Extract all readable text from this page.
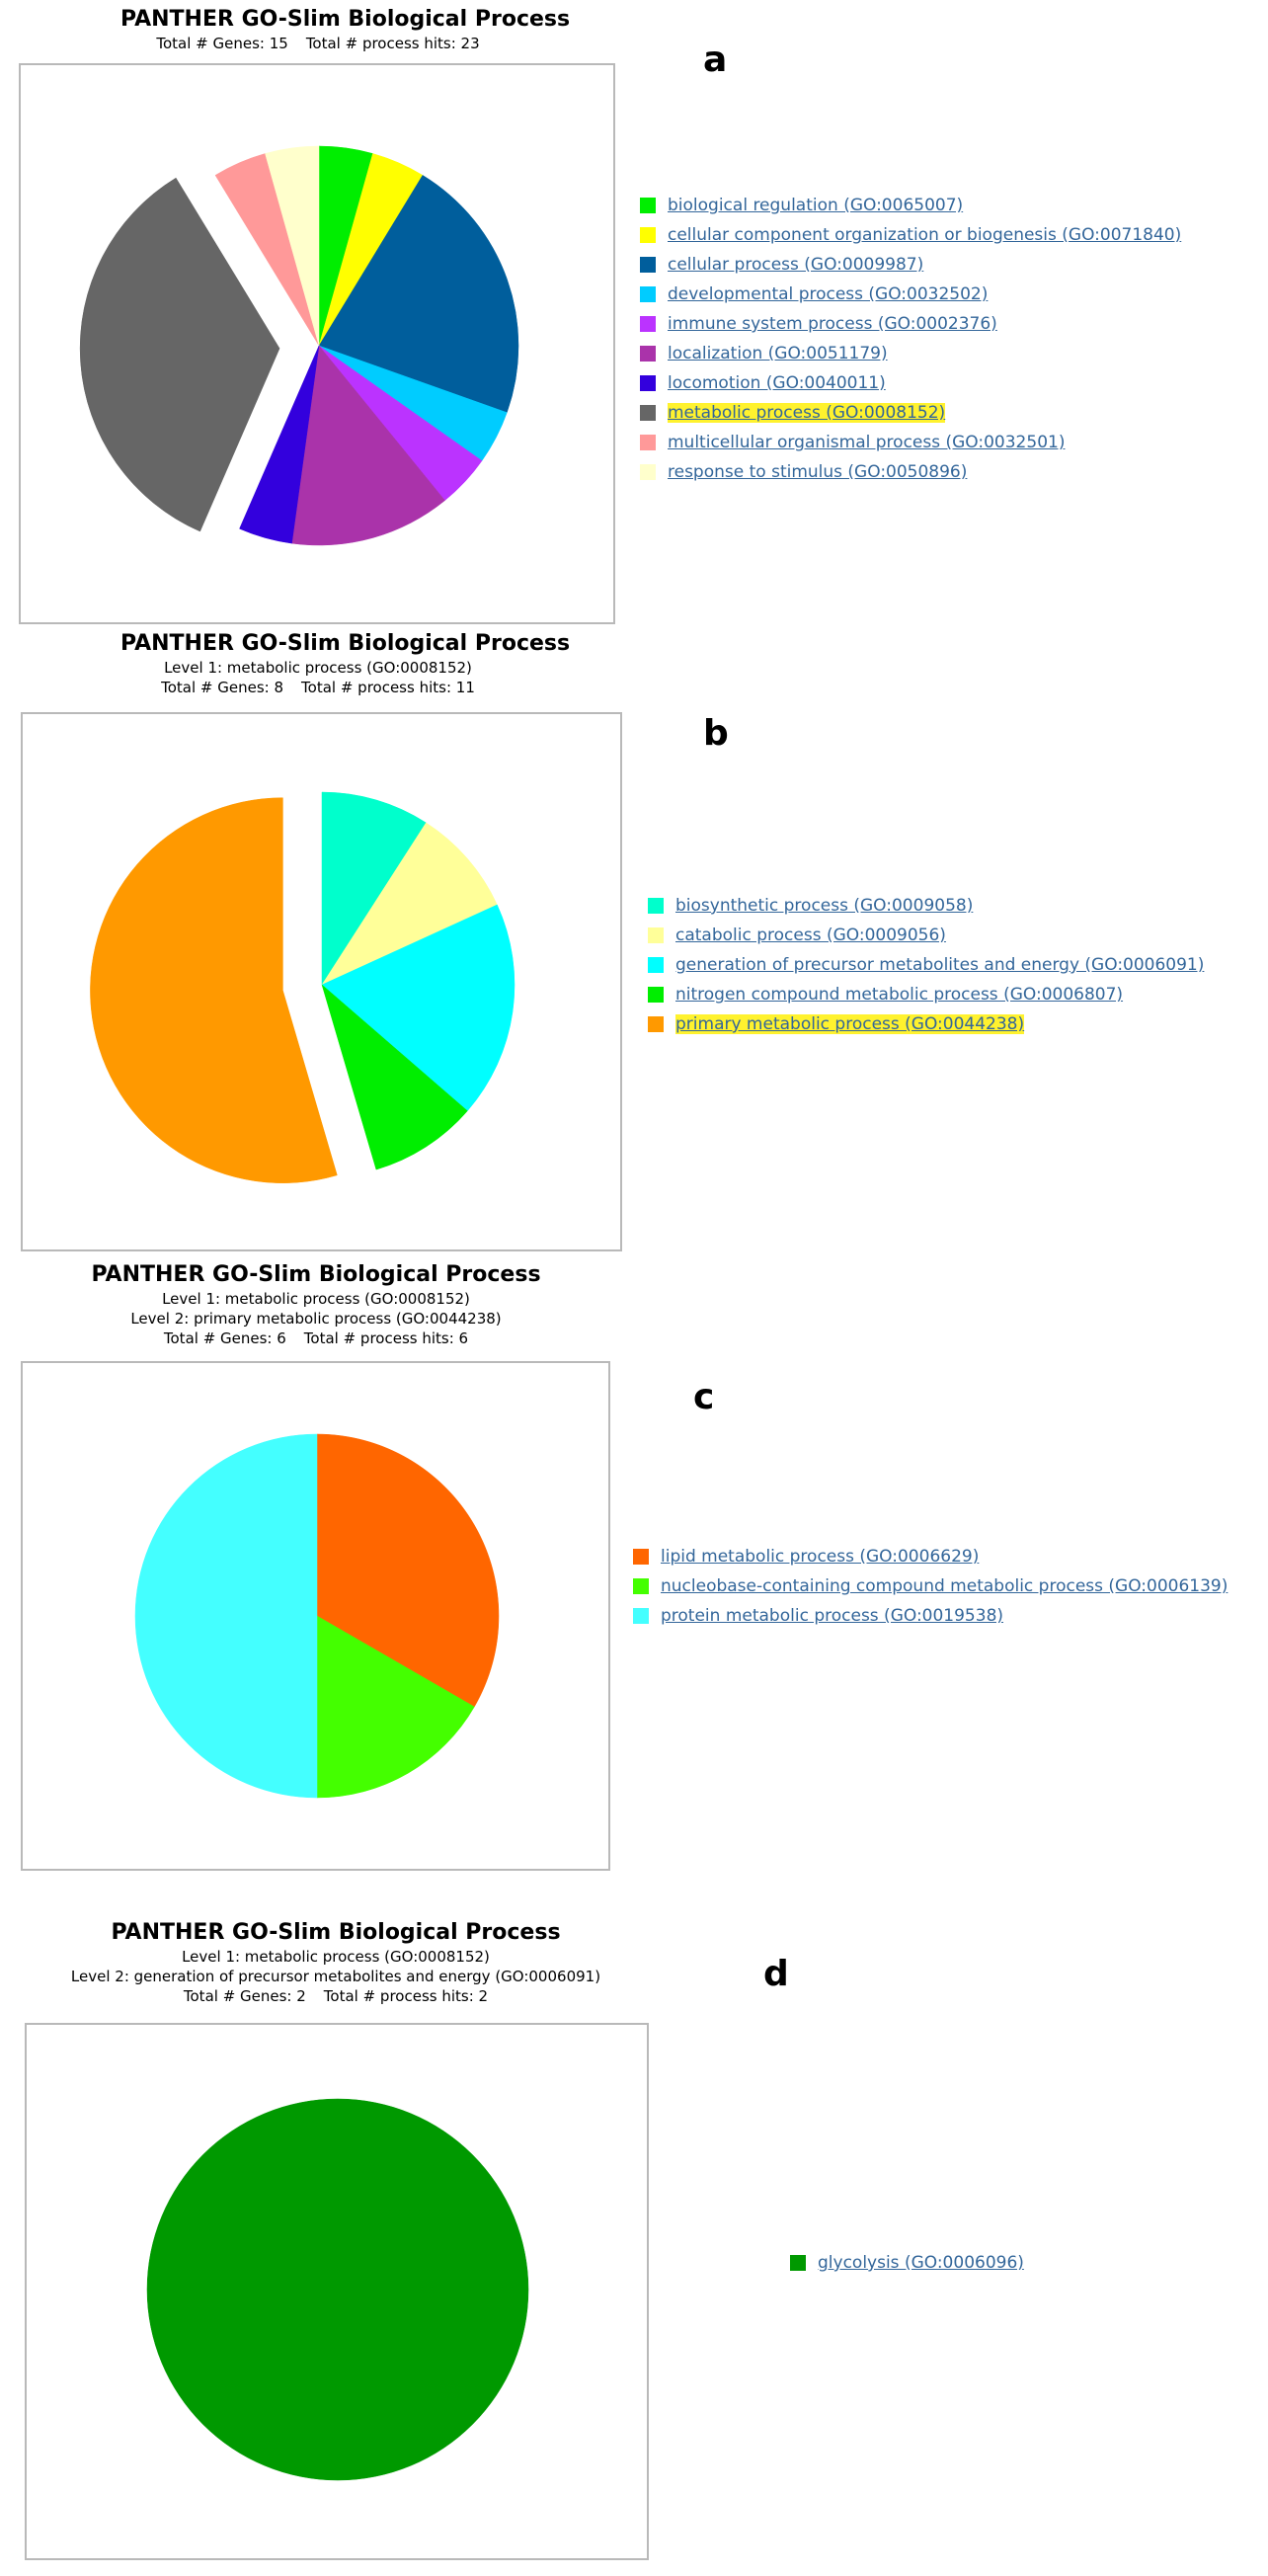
PANTHER GO-Slim Biological Process
Total # Genes: 15 Total # process hits: 23	a
biological regulation (GO:0065007)
cellular component organization or biogenesis (GO:0071840)
cellular process (GO:0009987)
developmental process (GO:0032502)
immune system process (GO:0002376)
localization (GO:0051179)
locomotion (GO:0040011)
metabolic process (GO:0008152)
multicellular organismal process (GO:0032501)
response to stimulus (GO:0050896)
PANTHER GO-Slim Biological Process
Level 1: metabolic process (GO:0008152)
Total # Genes: 8 Total # process hits: 11
b
biosynthetic process (GO:0009058)
catabolic process (GO:0009056)
generation of precursor metabolites and energy (GO:0006091)
nitrogen compound metabolic process (GO:0006807)
primary metabolic process (GO:0044238)
PANTHER GO-Slim Biological Process
Level 1: metabolic process (GO:0008152)
Level 2: primary metabolic process (GO:0044238)
Total # Genes: 6 Total # process hits: 6
c
lipid metabolic process (GO:0006629)
nucleobase-containing compound metabolic process (GO:0006139)
protein metabolic process (GO:0019538)
PANTHER GO-Slim Biological Process
Level 1: metabolic process (GO:0008152)
Level 2: generation of precursor metabolites and energy (GO:0006091)
Total # Genes: 2 Total # process hits: 2
d
glycolysis (GO:0006096)
